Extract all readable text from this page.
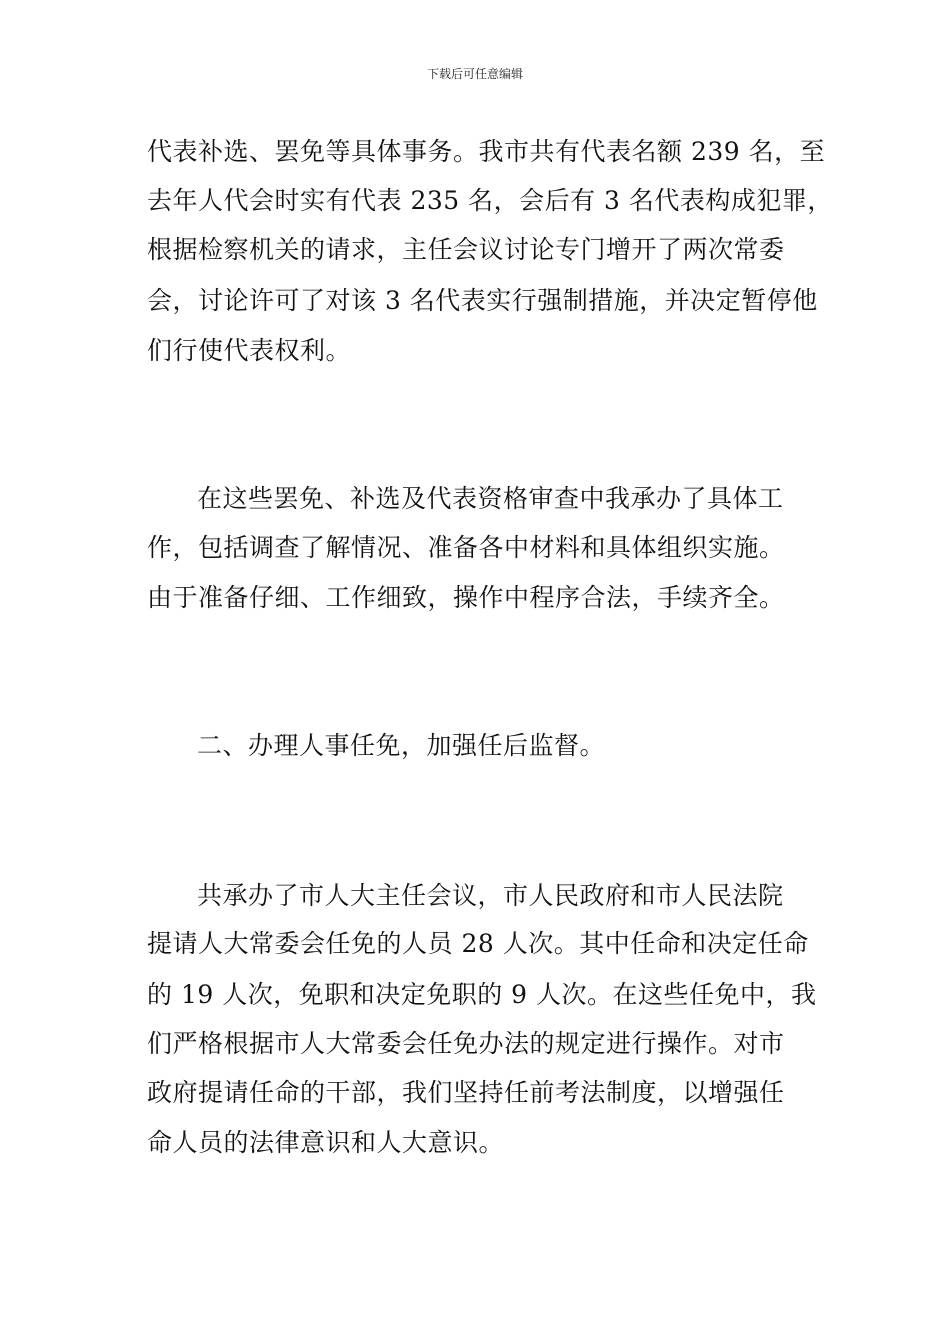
下载后可任意编辑
代表补选、罢免等具体事务。我市共有代表名额 239 名，至
去年人代会时实有代表 235 名，会后有 3 名代表构成犯罪，
根据检察机关的请求，主任会议讨论专门增开了两次常委
会，讨论许可了对该 3 名代表实行强制措施，并决定暂停他
们行使代表权利。
在这些罢免、补选及代表资格审查中我承办了具体工
作，包括调查了解情况、准备各中材料和具体组织实施。
由于准备仔细、工作细致，操作中程序合法，手续齐全。
二、办理人事任免，加强任后监督。
共承办了市人大主任会议，市人民政府和市人民法院
提请人大常委会任免的人员 28 人次。其中任命和决定任命
的 19 人次，免职和决定免职的 9 人次。在这些任免中，我
们严格根据市人大常委会任免办法的规定进行操作。对市
政府提请任命的干部，我们坚持任前考法制度，以增强任
命人员的法律意识和人大意识。
